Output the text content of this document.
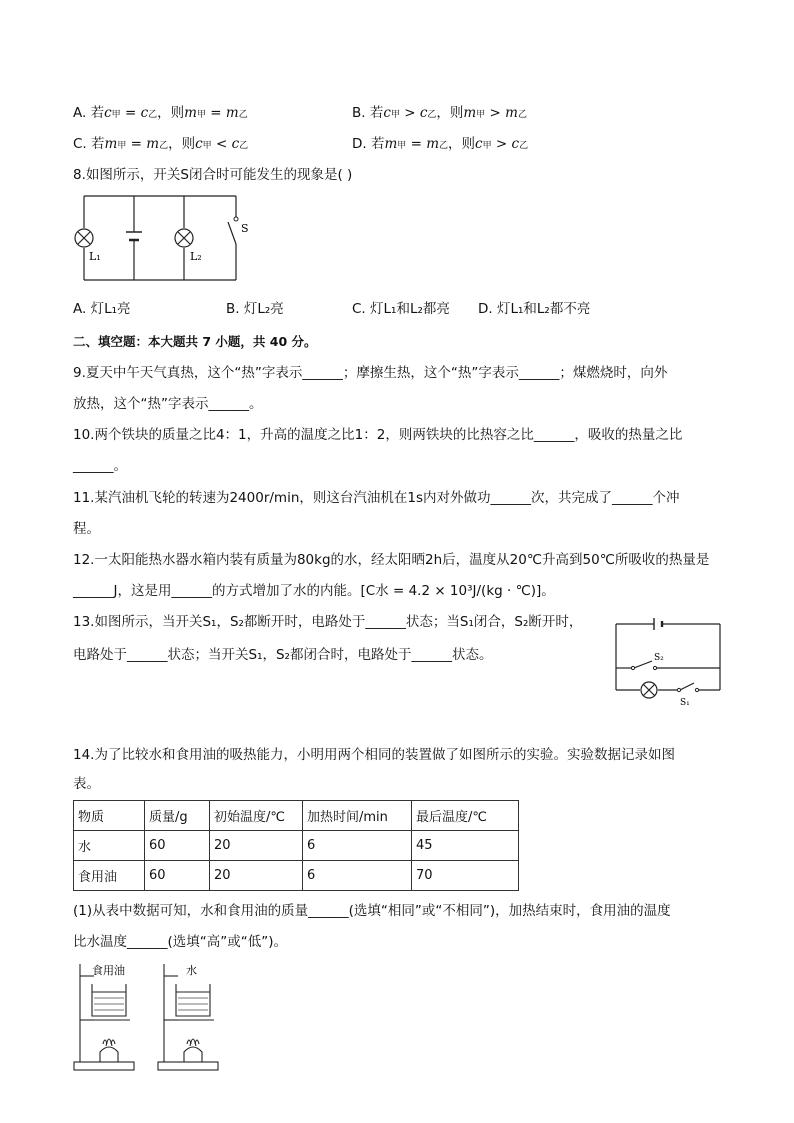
A. 若c甲 = c乙，则m甲 = m乙	B. 若c甲 > c乙，则m甲 > m乙
C. 若m甲 = m乙，则c甲 < c乙	D. 若m甲 = m乙，则c甲 > c乙
8.如图所示，开关S闭合时可能发生的现象是( )
L₁	L₂
S
A. 灯L₁亮	B. 灯L₂亮	C. 灯L₁和L₂都亮 D. 灯L₁和L₂都不亮
二、填空题：本大题共 7 小题，共 40 分。
9.夏天中午天气真热，这个“热”字表示______；摩擦生热，这个“热”字表示______；煤燃烧时，向外
放热，这个“热”字表示______。
10.两个铁块的质量之比4：1，升高的温度之比1：2，则两铁块的比热容之比______，吸收的热量之比
______。
11.某汽油机飞轮的转速为2400r/min，则这台汽油机在1s内对外做功______次，共完成了______个冲
程。
12.一太阳能热水器水箱内装有质量为80kg的水，经太阳晒2h后，温度从20℃升高到50℃所吸收的热量是
______J，这是用______的方式增加了水的内能。[C水 = 4.2 × 10³J/(kg · ℃)]。
13.如图所示，当开关S₁，S₂都断开时，电路处于______状态；当S₁闭合，S₂断开时，
电路处于______状态；当开关S₁，S₂都闭合时，电路处于______状态。	S₂
S₁
14.为了比较水和食用油的吸热能力，小明用两个相同的装置做了如图所示的实验。实验数据记录如图
表。
物质	质量/g	初始温度/℃	加热时间/min	最后温度/℃
水	60	20	6	45
食用油	60	20	6	70
(1)从表中数据可知，水和食用油的质量______(选填“相同”或“不相同”)，加热结束时，食用油的温度
比水温度______(选填“高”或“低”)。
食用油	水
